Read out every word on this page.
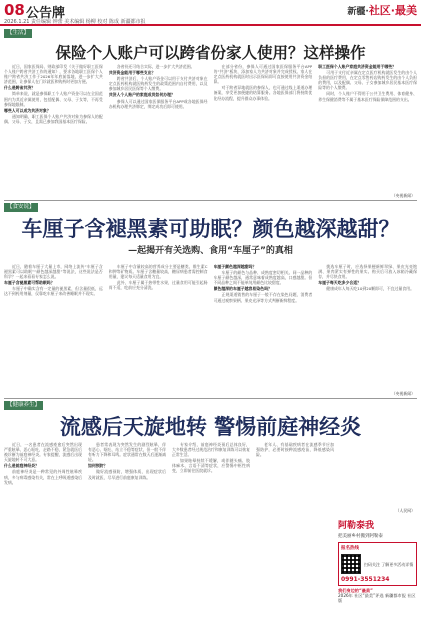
08 公告牌
2026.1.21 责任编辑 钟蕾 美术编辑 杨柳 校对 陈成 新疆都市报
新疆·社区·最美
【生活】
保险个人账户可以跨省份家人使用？这样操作

近日，国家医保局、财政部印发《关于做好职工医保个人账户跨省共济工作的通知》，要求各地职工医保个人账户跨省共济工作于2026年年底前落地，进一步扩大共济范围，让参保人在门诊就医和购药时更加方便。

什么是跨省共济？

简单来说，就是参保职工个人账户资金可以在全国范围内为其近亲属使用，包括配偶、父母、子女等，不再受参保地限制。

哪些人可以成为共济对象？

通知明确，职工医保个人账户共济对象为参保人的配偶、父母、子女，且需已参加我国基本医疗保险。

各省份还可结合实际，进一步扩大共济范围。

共济资金能用于哪些支出？

跨省共济后，个人账户资金可以用于支付共济对象在定点医药机构就医购药发生的政策范围内自付费用，以及参加城乡居民医保等个人缴费。

共济人个人账户的家庭成员如何办理？

参保人可以通过国家医保服务平台APP或各地医保经办机构办理共济绑定，绑定成功后即可使用。

在部分省份，参保人可通过国家医保服务平台APP的“共济”板块，添加家人为共济对象并完成授权。家人在定点医药机构就医时出示医保码即可直接使用共济资金结算。

对于跨省异地就医的参保人，也可通过线上渠道办理备案，享受更加便捷的结算服务。各地医保部门将持续优化经办流程，提升群众办事体验。

职工医保个人账户家庭共济资金能用于哪些？

可用于支付近亲属在定点医疗机构就医发生的由个人负担的医疗费用，在定点零售药店购药发生的由个人负担的费用，以及配偶、父母、子女参加城乡居民基本医疗保险等的个人缴费。

同时，个人账户不得用于公共卫生费用、体育健身、养生保健消费等不属于基本医疗保险保障范围的支出。

（央视新闻）
【食安说】
车厘子含褪黑素可助眠？颜色越深越甜？
—起揭开有关选购、食用“车厘子”的真相

近日，随着车厘子大量上市，网络上流传“车厘子含褪黑素可以助眠”“颜色越深越甜”等说法，这些说法是否科学？一起来看看专家怎么说。

车厘子含褪黑素可帮助眠吗？

车厘子中确实含有一定量的褪黑素，但含量很低，远达不到药用剂量，仅靠吃车厘子来改善睡眠并不现实。

车厘子中含量较高的营养成分主要是糖类、维生素C和钾等矿物质。车厘子含糖量较高，糖尿病患者需控制食用量，建议每天适量食用为宜。

此外，车厘子属于热带性水果，过量食用可能引起肠胃不适，吃前应充分清洗。

车厘子颜色越深越甜吗？

车厘子的颜色与品种、成熟度密切相关。同一品种的车厘子颜色越深，通常意味着成熟度越高，口感越甜。但不同品种之间不能单纯用颜色比较甜度。

颜色越深的车厘子越容易染色吗？

正规渠道销售的车厘子一般不存在染色问题，消费者可通过观察果柄、果皮光泽等方式判断新鲜程度。

挑选车厘子时，应选择果梗新鲜翠绿、果皮光亮饱满、果肉紧实有弹性的果实。购买后可放入冰箱冷藏保存，并尽快食用。

车厘子每天吃多少合适？

健康成年人每天吃10到20颗即可，不宜过量食用。

（央视新闻）
【健康养生】
流感后天旋地转 警惕前庭神经炎

近日，一名患者在流感痊愈后突然出现严重眩晕、恶心呕吐，走路不稳，紧急就医后被诊断为前庭神经炎。专家提醒，流感后出现天旋地转不可大意。

什么是前庭神经炎？

前庭神经炎是一种常见的外周性眩晕疾病，多与病毒感染有关，常在上呼吸道感染后发病。

患者常表现为突然发生的剧烈眩晕，伴有恶心、呕吐、站立不稳等症状，但一般不伴有听力下降和耳鸣。症状通常在数天后逐渐减轻。

如何预防？

做好流感预防，增强体质，出现症状后及时就医，尽早进行前庭康复训练。

专家介绍，前庭神经炎预后总体良好，大多数患者经过规范治疗和康复训练可以恢复正常生活。

如果眩晕持续不缓解，或伴随头痛、肢体麻木、言语不清等症状，应警惕中枢性病变，立即前往医院就诊。

老年人、有基础疾病者在流感季节应加强防护，必要时接种流感疫苗，降低感染风险。

（人民网）
阿勒泰我
把美丽乡村搬到阿勒泰
报名热线
扫码关注 了解更多活动详情
0991-3551234
我们身边的“最美”
2026年 社区“最美”评选 新疆都市报 社区版
